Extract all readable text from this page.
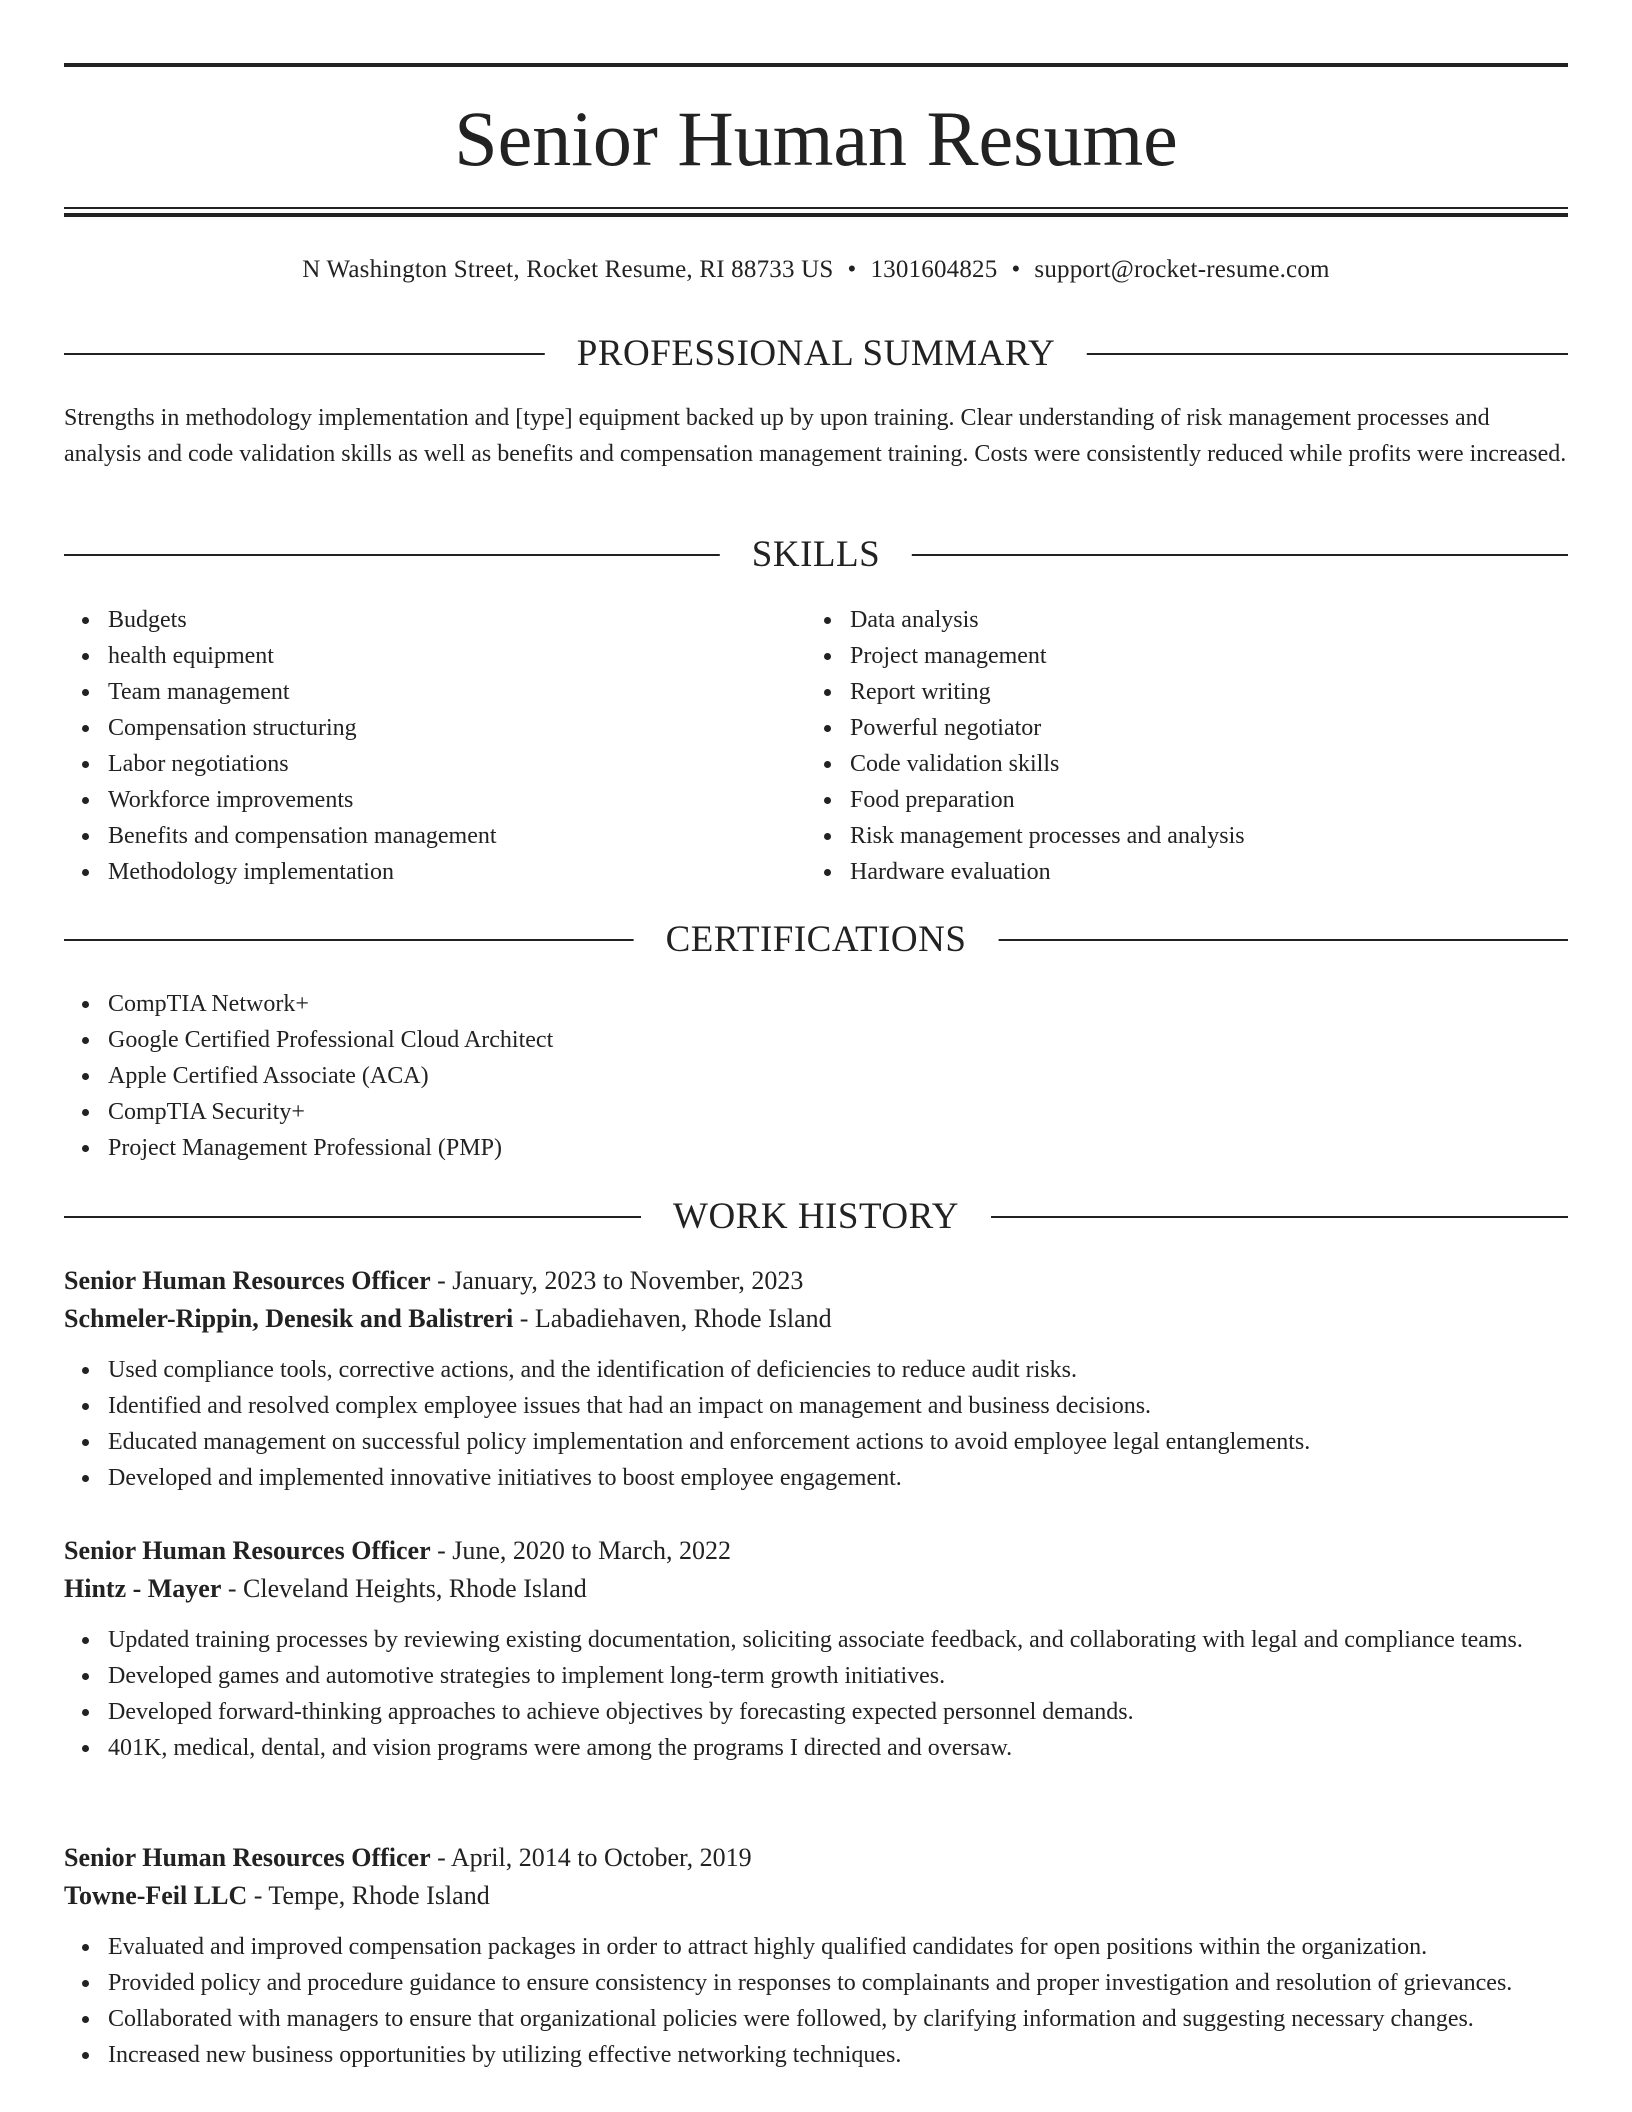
Senior Human Resume
N Washington Street, Rocket Resume, RI 88733 US • 1301604825 • support@rocket-resume.com
PROFESSIONAL SUMMARY

Strengths in methodology implementation and [type] equipment backed up by upon training. Clear understanding of risk management processes and analysis and code validation skills as well as benefits and compensation management training. Costs were consistently reduced while profits were increased.

SKILLS
Budgets
health equipment
Team management
Compensation structuring
Labor negotiations
Workforce improvements
Benefits and compensation management
Methodology implementation
Data analysis
Project management
Report writing
Powerful negotiator
Code validation skills
Food preparation
Risk management processes and analysis
Hardware evaluation
CERTIFICATIONS
CompTIA Network+
Google Certified Professional Cloud Architect
Apple Certified Associate (ACA)
CompTIA Security+
Project Management Professional (PMP)
WORK HISTORY
Senior Human Resources Officer - January, 2023 to November, 2023
Schmeler-Rippin, Denesik and Balistreri - Labadiehaven, Rhode Island
Used compliance tools, corrective actions, and the identification of deficiencies to reduce audit risks.
Identified and resolved complex employee issues that had an impact on management and business decisions.
Educated management on successful policy implementation and enforcement actions to avoid employee legal entanglements.
Developed and implemented innovative initiatives to boost employee engagement.
Senior Human Resources Officer - June, 2020 to March, 2022
Hintz - Mayer - Cleveland Heights, Rhode Island
Updated training processes by reviewing existing documentation, soliciting associate feedback, and collaborating with legal and compliance teams.
Developed games and automotive strategies to implement long-term growth initiatives.
Developed forward-thinking approaches to achieve objectives by forecasting expected personnel demands.
401K, medical, dental, and vision programs were among the programs I directed and oversaw.
Senior Human Resources Officer - April, 2014 to October, 2019
Towne-Feil LLC - Tempe, Rhode Island
Evaluated and improved compensation packages in order to attract highly qualified candidates for open positions within the organization.
Provided policy and procedure guidance to ensure consistency in responses to complainants and proper investigation and resolution of grievances.
Collaborated with managers to ensure that organizational policies were followed, by clarifying information and suggesting necessary changes.
Increased new business opportunities by utilizing effective networking techniques.
